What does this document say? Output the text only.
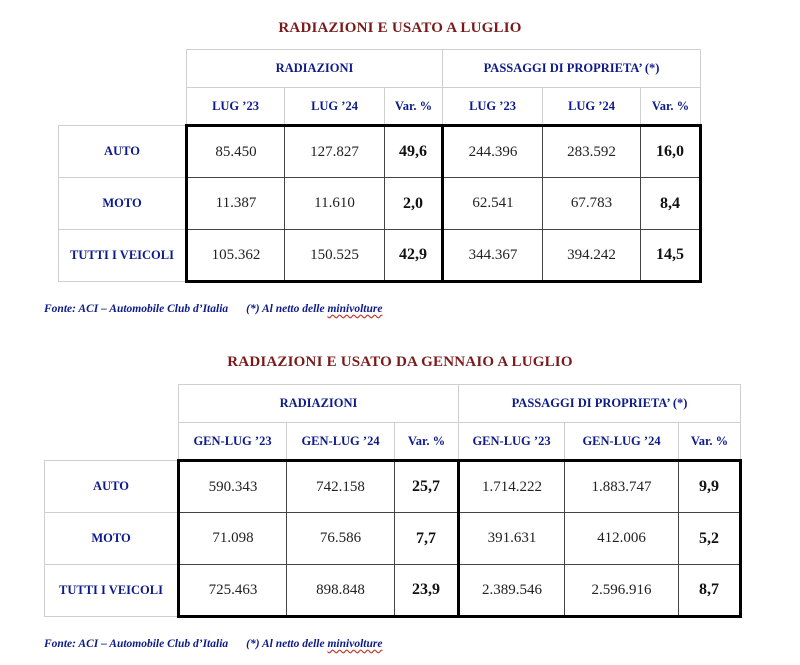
RADIAZIONI E USATO A LUGLIO
	RADIAZIONI			PASSAGGI DI PROPRIETA’ (*)		
	LUG ’23	LUG ’24	Var. %	LUG ’23	LUG ’24	Var. %
AUTO	85.450	127.827	49,6	244.396	283.592	16,0
MOTO	11.387	11.610	2,0	62.541	67.783	8,4
TUTTI I VEICOLI	105.362	150.525	42,9	344.367	394.242	14,5
Fonte: ACI – Automobile Club d’Italia (*) Al netto delle minivolture
RADIAZIONI E USATO DA GENNAIO A LUGLIO
	RADIAZIONI			PASSAGGI DI PROPRIETA’ (*)		
	GEN-LUG ’23	GEN-LUG ’24	Var. %	GEN-LUG ’23	GEN-LUG ’24	Var. %
AUTO	590.343	742.158	25,7	1.714.222	1.883.747	9,9
MOTO	71.098	76.586	7,7	391.631	412.006	5,2
TUTTI I VEICOLI	725.463	898.848	23,9	2.389.546	2.596.916	8,7
Fonte: ACI – Automobile Club d’Italia (*) Al netto delle minivolture
